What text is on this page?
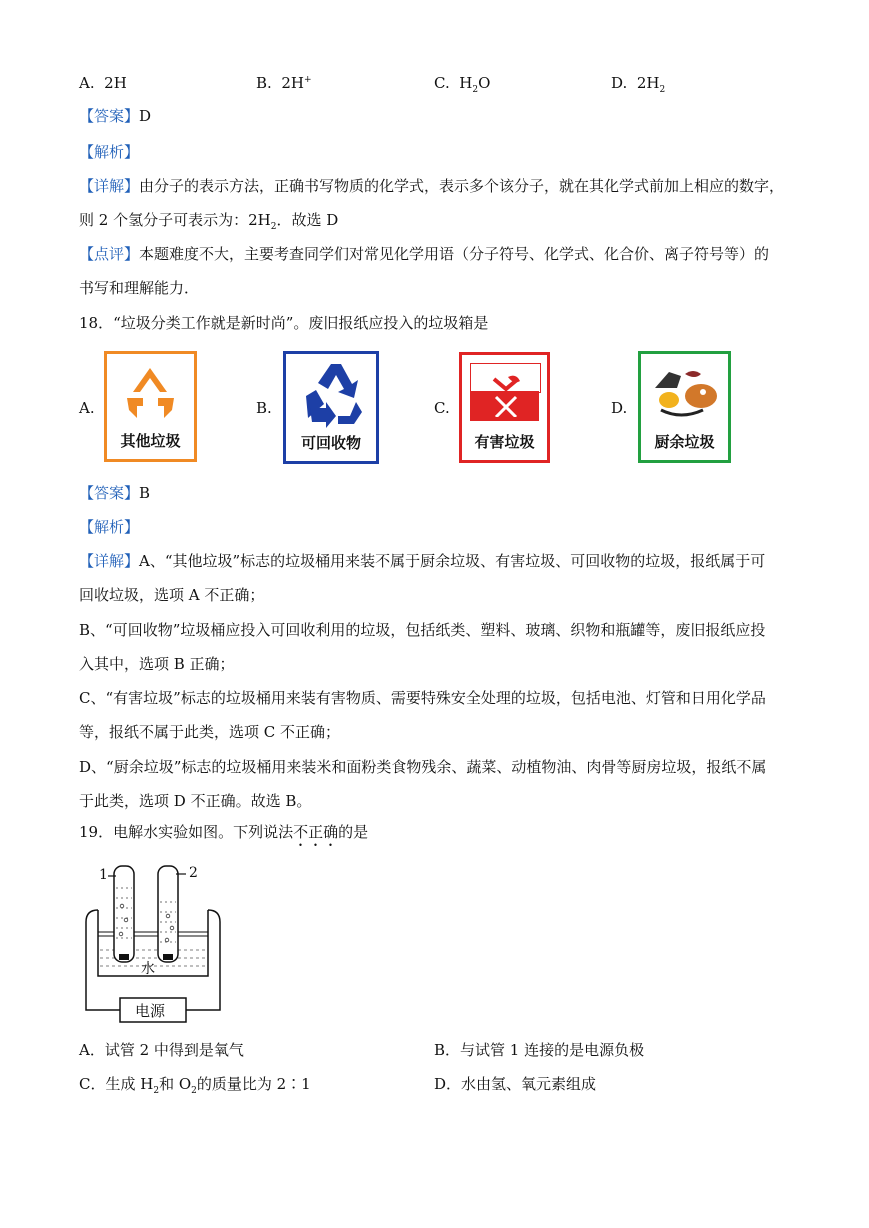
A. 2H	B. 2H+	C. $H_2O$	D. $2H_2$
【答案】D
【解析】
【详解】由分子的表示方法，正确书写物质的化学式，表示多个该分子，就在其化学式前加上相应的数字，
则 2 个氢分子可表示为：$2H_2$．故选 D
【点评】本题难度不大，主要考查同学们对常见化学用语（分子符号、化学式、化合价、离子符号等）的
书写和理解能力．
18．“垃圾分类工作就是新时尚”。废旧报纸应投入的垃圾箱是
A.	B.	C.	D.
其他垃圾	可回收物	有害垃圾	厨余垃圾
【答案】B
【解析】
【详解】A、“其他垃圾”标志的垃圾桶用来装不属于厨余垃圾、有害垃圾、可回收物的垃圾，报纸属于可
回收垃圾，选项 A 不正确；
B、“可回收物”垃圾桶应投入可回收利用的垃圾，包括纸类、塑料、玻璃、织物和瓶罐等，废旧报纸应投
入其中，选项 B 正确；
C、“有害垃圾”标志的垃圾桶用来装有害物质、需要特殊安全处理的垃圾，包括电池、灯管和日用化学品
等，报纸不属于此类，选项 C 不正确；
D、“厨余垃圾”标志的垃圾桶用来装米和面粉类食物残余、蔬菜、动植物油、肉骨等厨房垃圾，报纸不属
于此类，选项 D 不正确。故选 B。
19．电解水实验如图。下列说法不正确的是
1	2
水
电源
A．试管 2 中得到是氧气	B．与试管 1 连接的是电源负极
C．生成 $H_2$和 $O_2$的质量比为 2∶1	D．水由氢、氧元素组成
